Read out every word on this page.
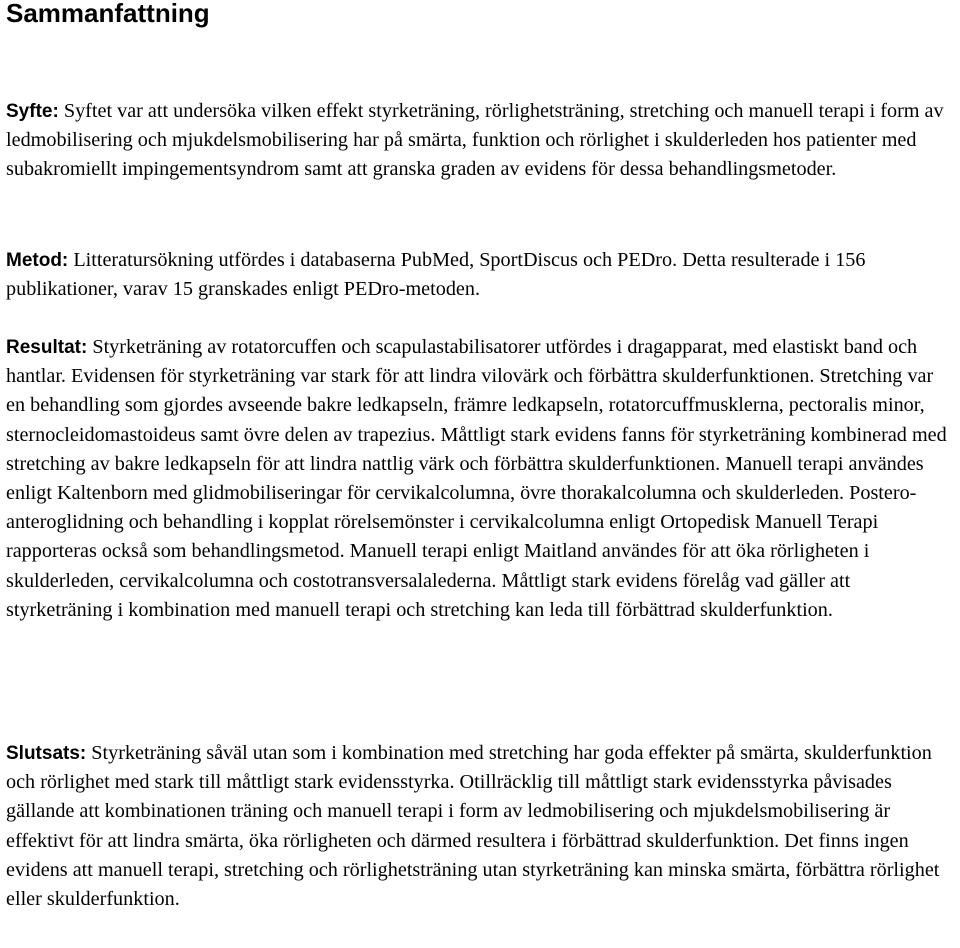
Sammanfattning

Syfte: Syftet var att undersöka vilken effekt styrketräning, rörlighetsträning, stretching och manuell terapi i form av ledmobilisering och mjukdelsmobilisering har på smärta, funktion och rörlighet i skulderleden hos patienter med subakromiellt impingementsyndrom samt att granska graden av evidens för dessa behandlingsmetoder.

Metod: Litteratursökning utfördes i databaserna PubMed, SportDiscus och PEDro. Detta resulterade i 156 publikationer, varav 15 granskades enligt PEDro-metoden.

Resultat: Styrketräning av rotatorcuffen och scapulastabilisatorer utfördes i dragapparat, med elastiskt band och hantlar. Evidensen för styrketräning var stark för att lindra vilovärk och förbättra skulderfunktionen. Stretching var en behandling som gjordes avseende bakre ledkapseln, främre ledkapseln, rotatorcuffmusklerna, pectoralis minor, sternocleidomastoideus samt övre delen av trapezius. Måttligt stark evidens fanns för styrketräning kombinerad med stretching av bakre ledkapseln för att lindra nattlig värk och förbättra skulderfunktionen. Manuell terapi användes enligt Kaltenborn med glidmobiliseringar för cervikalcolumna, övre thorakalcolumna och skulderleden. Postero-anteroglidning och behandling i kopplat rörelsemönster i cervikalcolumna enligt Ortopedisk Manuell Terapi rapporteras också som behandlingsmetod. Manuell terapi enligt Maitland användes för att öka rörligheten i skulderleden, cervikalcolumna och costotransversalalederna. Måttligt stark evidens förelåg vad gäller att styrketräning i kombination med manuell terapi och stretching kan leda till förbättrad skulderfunktion.

Slutsats: Styrketräning såväl utan som i kombination med stretching har goda effekter på smärta, skulderfunktion och rörlighet med stark till måttligt stark evidensstyrka. Otillräcklig till måttligt stark evidensstyrka påvisades gällande att kombinationen träning och manuell terapi i form av ledmobilisering och mjukdelsmobilisering är effektivt för att lindra smärta, öka rörligheten och därmed resultera i förbättrad skulderfunktion. Det finns ingen evidens att manuell terapi, stretching och rörlighetsträning utan styrketräning kan minska smärta, förbättra rörlighet eller skulderfunktion.
